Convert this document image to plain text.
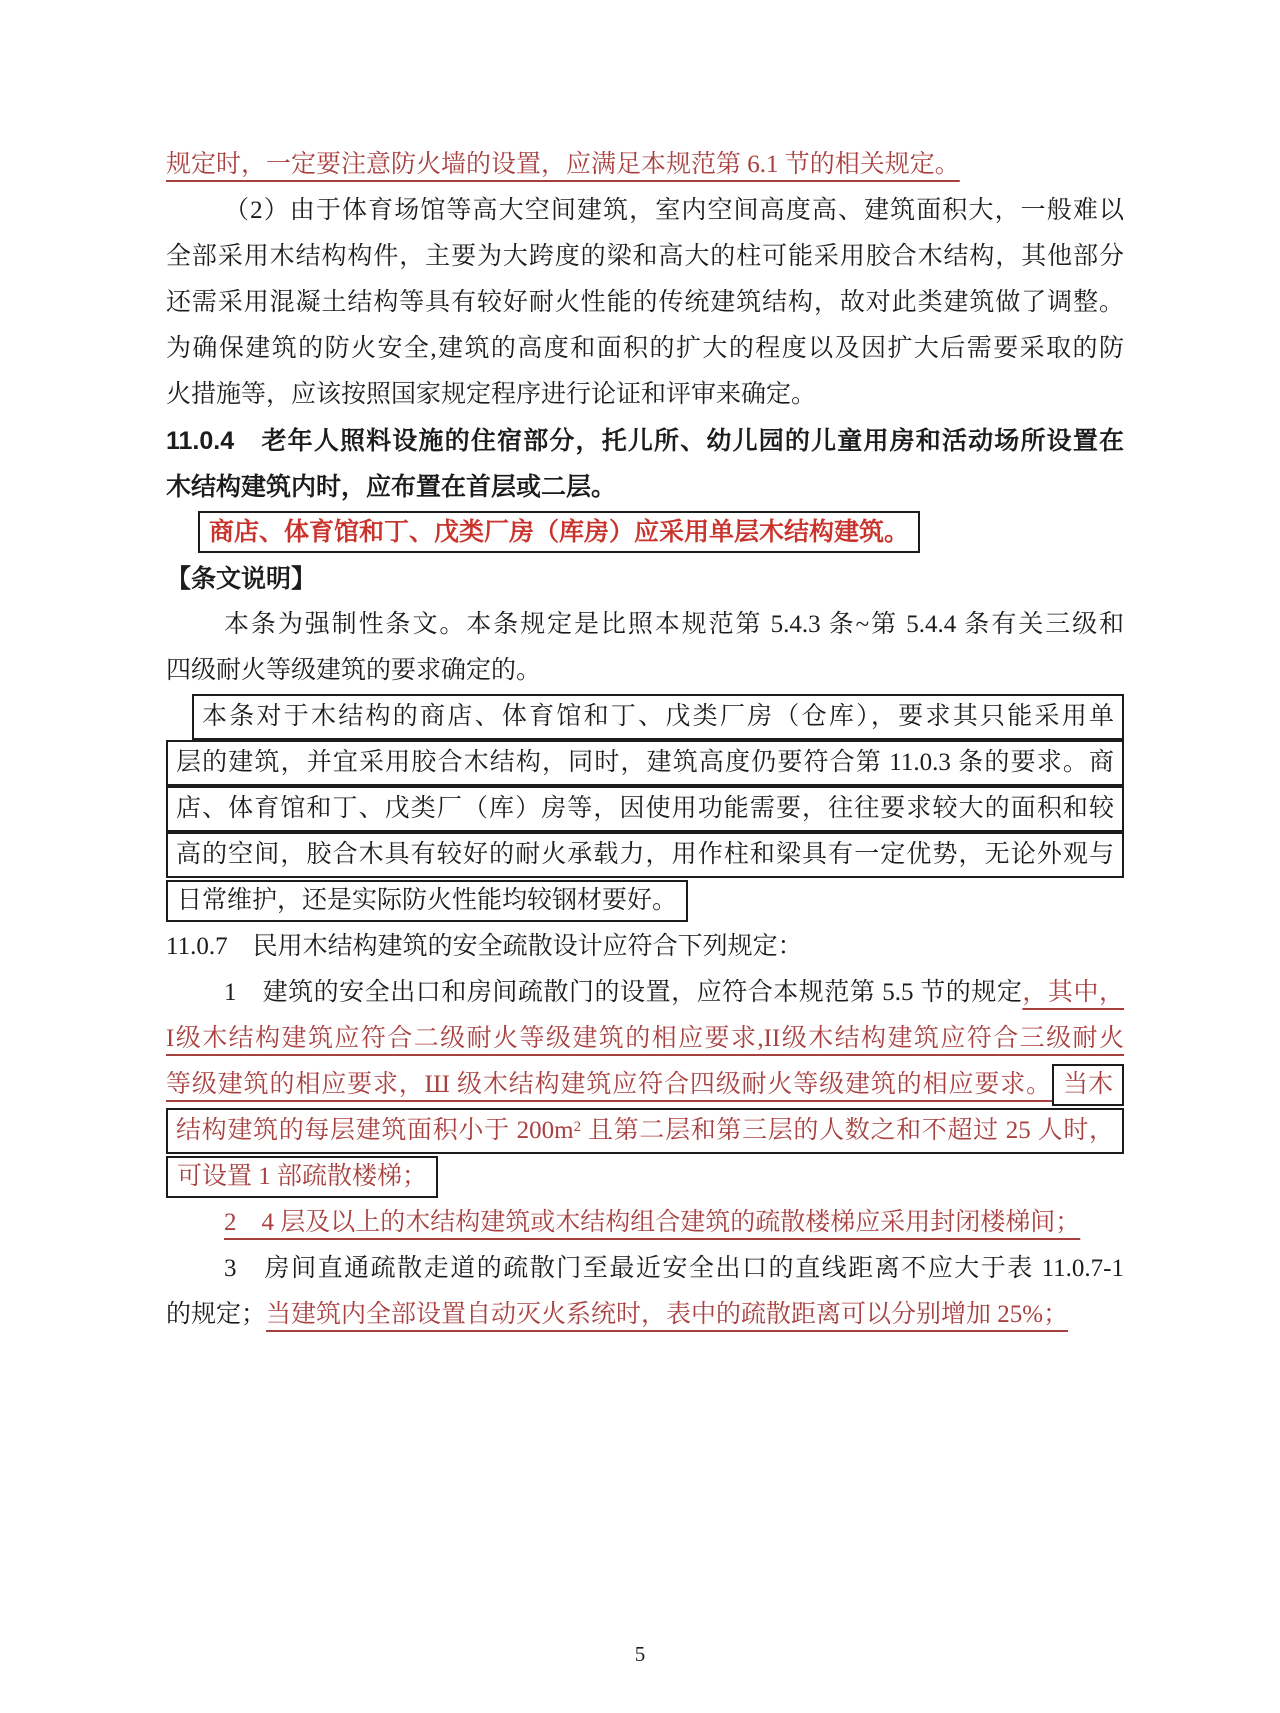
规定时，一定要注意防火墙的设置，应满足本规范第 6.1 节的相关规定。
（2）由于体育场馆等高大空间建筑，室内空间高度高、建筑面积大，一般难以
全部采用木结构构件，主要为大跨度的梁和高大的柱可能采用胶合木结构，其他部分
还需采用混凝土结构等具有较好耐火性能的传统建筑结构，故对此类建筑做了调整。
为确保建筑的防火安全,建筑的高度和面积的扩大的程度以及因扩大后需要采取的防
火措施等，应该按照国家规定程序进行论证和评审来确定。
11.0.4　老年人照料设施的住宿部分，托儿所、幼儿园的儿童用房和活动场所设置在
木结构建筑内时，应布置在首层或二层。
商店、体育馆和丁、戊类厂房（库房）应采用单层木结构建筑。
【条文说明】
本条为强制性条文。本条规定是比照本规范第 5.4.3 条~第 5.4.4 条有关三级和
四级耐火等级建筑的要求确定的。
本条对于木结构的商店、体育馆和丁、戊类厂房（仓库），要求其只能采用单
层的建筑，并宜采用胶合木结构，同时，建筑高度仍要符合第 11.0.3 条的要求。商
店、体育馆和丁、戊类厂（库）房等，因使用功能需要，往往要求较大的面积和较
高的空间，胶合木具有较好的耐火承载力，用作柱和梁具有一定优势，无论外观与
日常维护，还是实际防火性能均较钢材要好。
11.0.7　民用木结构建筑的安全疏散设计应符合下列规定：
1　建筑的安全出口和房间疏散门的设置，应符合本规范第 5.5 节的规定，其中，
I级木结构建筑应符合二级耐火等级建筑的相应要求,II级木结构建筑应符合三级耐火
等级建筑的相应要求，Ш 级木结构建筑应符合四级耐火等级建筑的相应要求。 当木
结构建筑的每层建筑面积小于 $200m^2$ 且第二层和第三层的人数之和不超过 25 人时，
可设置 1 部疏散楼梯；
2　4 层及以上的木结构建筑或木结构组合建筑的疏散楼梯应采用封闭楼梯间；
3　房间直通疏散走道的疏散门至最近安全出口的直线距离不应大于表 11.0.7-1
的规定；当建筑内全部设置自动灭火系统时，表中的疏散距离可以分别增加 25%；
5
